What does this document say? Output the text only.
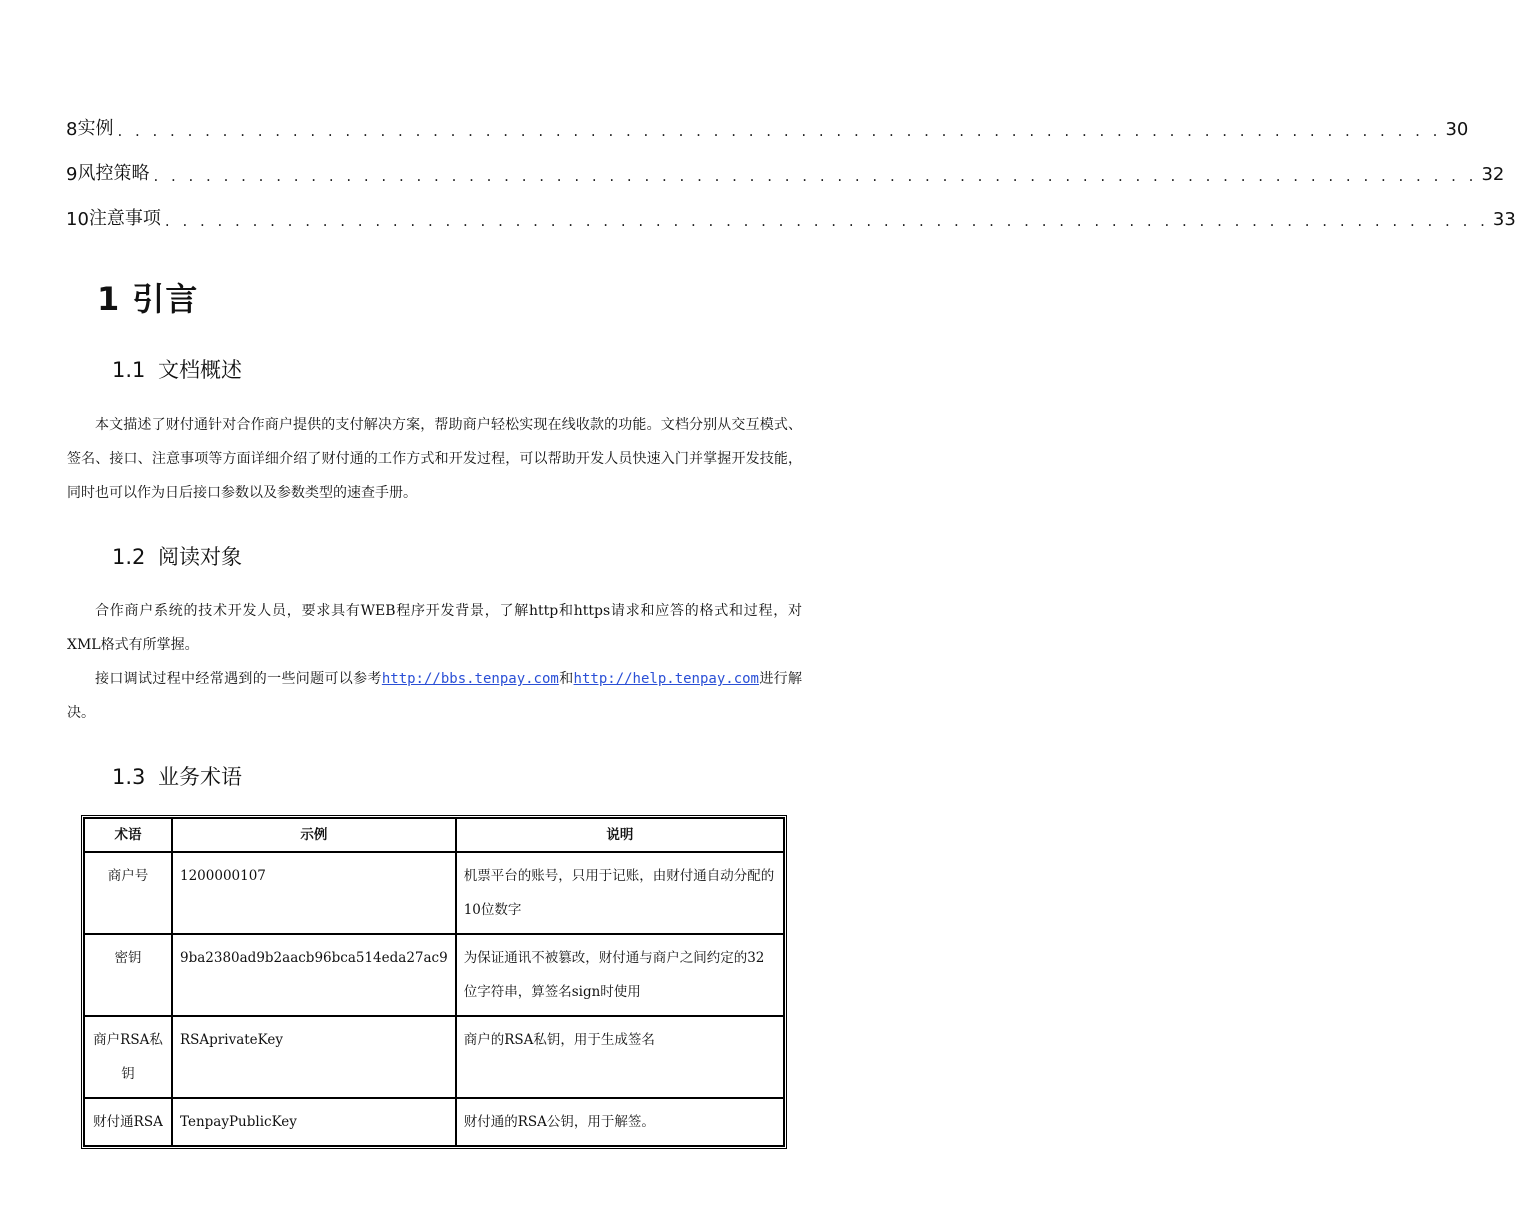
8 实例 . . . . . . . . . . . . . . . . . . . . . . . . . . . . . . . . . . . . . . . . . . . . . . . . . . . . . . . . . . . . . . . . . . . . . . . . . . . . 30
9 风控策略 . . . . . . . . . . . . . . . . . . . . . . . . . . . . . . . . . . . . . . . . . . . . . . . . . . . . . . . . . . . . . . . . . . . . . . . . . . . . 32
10 注意事项 . . . . . . . . . . . . . . . . . . . . . . . . . . . . . . . . . . . . . . . . . . . . . . . . . . . . . . . . . . . . . . . . . . . . . . . . . . . . 33
1 引言
1.1 文档概述
本文描述了财付通针对合作商户提供的支付解决方案，帮助商户轻松实现在线收款的功能。文档分别从交互模式、签名、接口、注意事项等方面详细介绍了财付通的工作方式和开发过程，可以帮助开发人员快速入门并掌握开发技能，同时也可以作为日后接口参数以及参数类型的速查手册。
1.2 阅读对象
合作商户系统的技术开发人员，要求具有WEB程序开发背景，了解http和https请求和应答的格式和过程，对XML格式有所掌握。
接口调试过程中经常遇到的一些问题可以参考http://bbs.tenpay.com和http://help.tenpay.com进行解决。
1.3 业务术语
术语	示例	说明
商户号	1200000107	机票平台的账号，只用于记账，由财付通自动分配的10位数字
密钥	9ba2380ad9b2aacb96bca514eda27ac9	为保证通讯不被篡改，财付通与商户之间约定的32位字符串，算签名sign时使用
商户RSA私钥	RSAprivateKey	商户的RSA私钥，用于生成签名
财付通RSA	TenpayPublicKey	财付通的RSA公钥，用于解签。
